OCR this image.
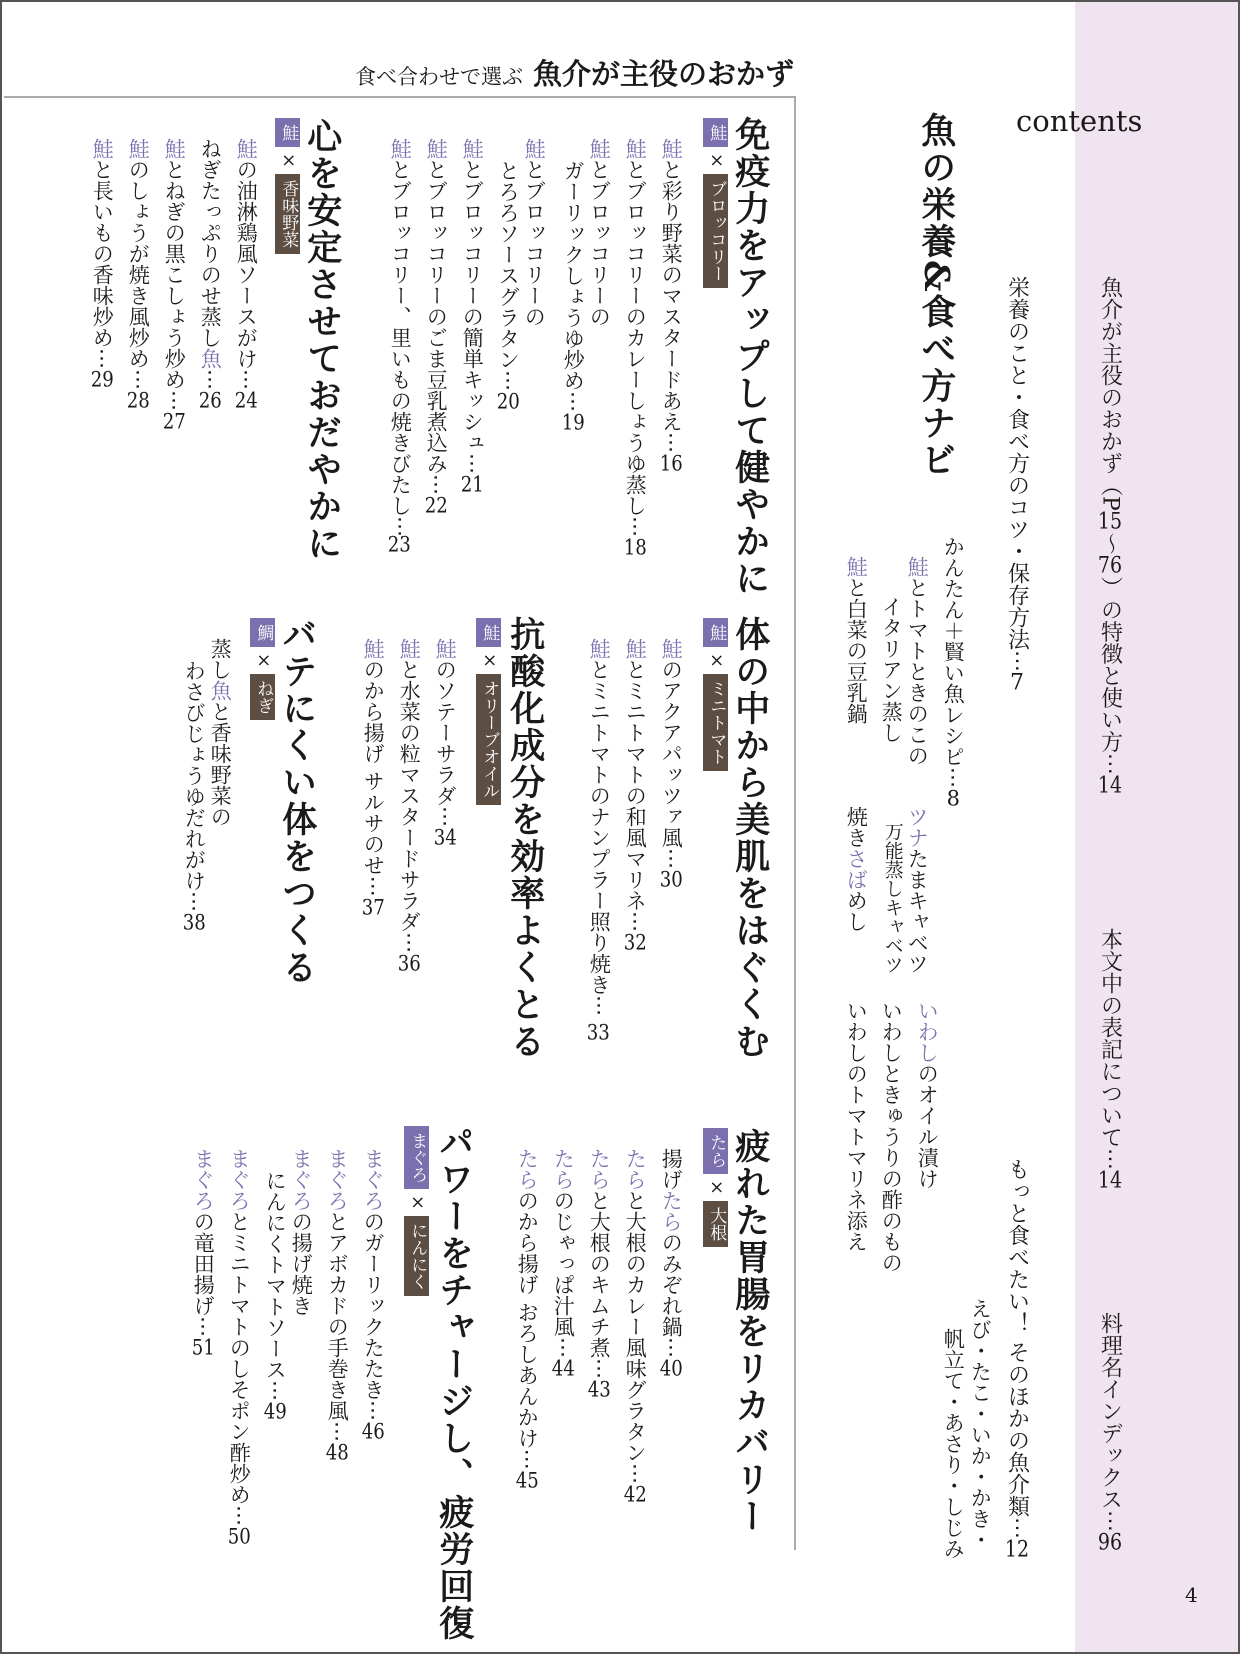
食べ合わせで選ぶ 魚介が主役のおかず
contents
4
魚介が主役のおかず（P15〜76）の特徴と使い方⋯14
本文中の表記について⋯14
料理名インデックス⋯96
魚の栄養&食べ方ナビ 栄養のこと・食べ方のコツ・保存方法⋯7
もっと食べたい！ そのほかの魚介類⋯12
えび・たこ・いか・かき・
帆立て・あさり・しじみ
かんたん＋賢い魚レシピ⋯8
鮭とトマトときのこの
イタリアン蒸し
鮭と白菜の豆乳鍋
ツナたまキャベツ
万能蒸しキャベツ
焼きさばめし
いわしのオイル漬け
いわしときゅうりの酢のもの
いわしのトマトマリネ添え
免疫力をアップして健やかに
鮭×ブロッコリー
鮭と彩り野菜のマスタードあえ⋯16
鮭とブロッコリーのカレーしょうゆ蒸し⋯18
鮭とブロッコリーの
ガーリックしょうゆ炒め⋯19
鮭とブロッコリーの
とろろソースグラタン⋯20
鮭とブロッコリーの簡単キッシュ⋯21
鮭とブロッコリーのごま豆乳煮込み⋯22
鮭とブロッコリー、里いもの焼きびたし⋯
23
心を安定させておだやかに
鮭×香味野菜
鮭の油淋鶏風ソースがけ⋯24
ねぎたっぷりのせ蒸し魚⋯26
鮭とねぎの黒こしょう炒め⋯27
鮭のしょうが焼き風炒め⋯28
鮭と長いもの香味炒め⋯29
体の中から美肌をはぐくむ
鮭×ミニトマト
鮭のアクアパッツァ風⋯30
鮭とミニトマトの和風マリネ⋯32
鮭とミニトマトのナンプラー照り焼き⋯
33
抗酸化成分を効率よくとる
鮭×オリーブオイル
鮭のソテーサラダ⋯34
鮭と水菜の粒マスタードサラダ⋯36
鮭のから揚げ サルサのせ⋯37
バテにくい体をつくる
鯛×ねぎ
蒸し魚と香味野菜の
わさびじょうゆだれがけ⋯38
疲れた胃腸をリカバリー
たら×大根
揚げたらのみぞれ鍋⋯40
たらと大根のカレー風味グラタン⋯42
たらと大根のキムチ煮⋯43
たらのじゃっぱ汁風⋯44
たらのから揚げ おろしあんかけ⋯45
パワーをチャージし、疲労回復
まぐろ×にんにく
まぐろのガーリックたたき⋯46
まぐろとアボカドの手巻き風⋯48
まぐろの揚げ焼き
にんにくトマトソース⋯49
まぐろとミニトマトのしそポン酢炒め⋯50
まぐろの竜田揚げ⋯51
